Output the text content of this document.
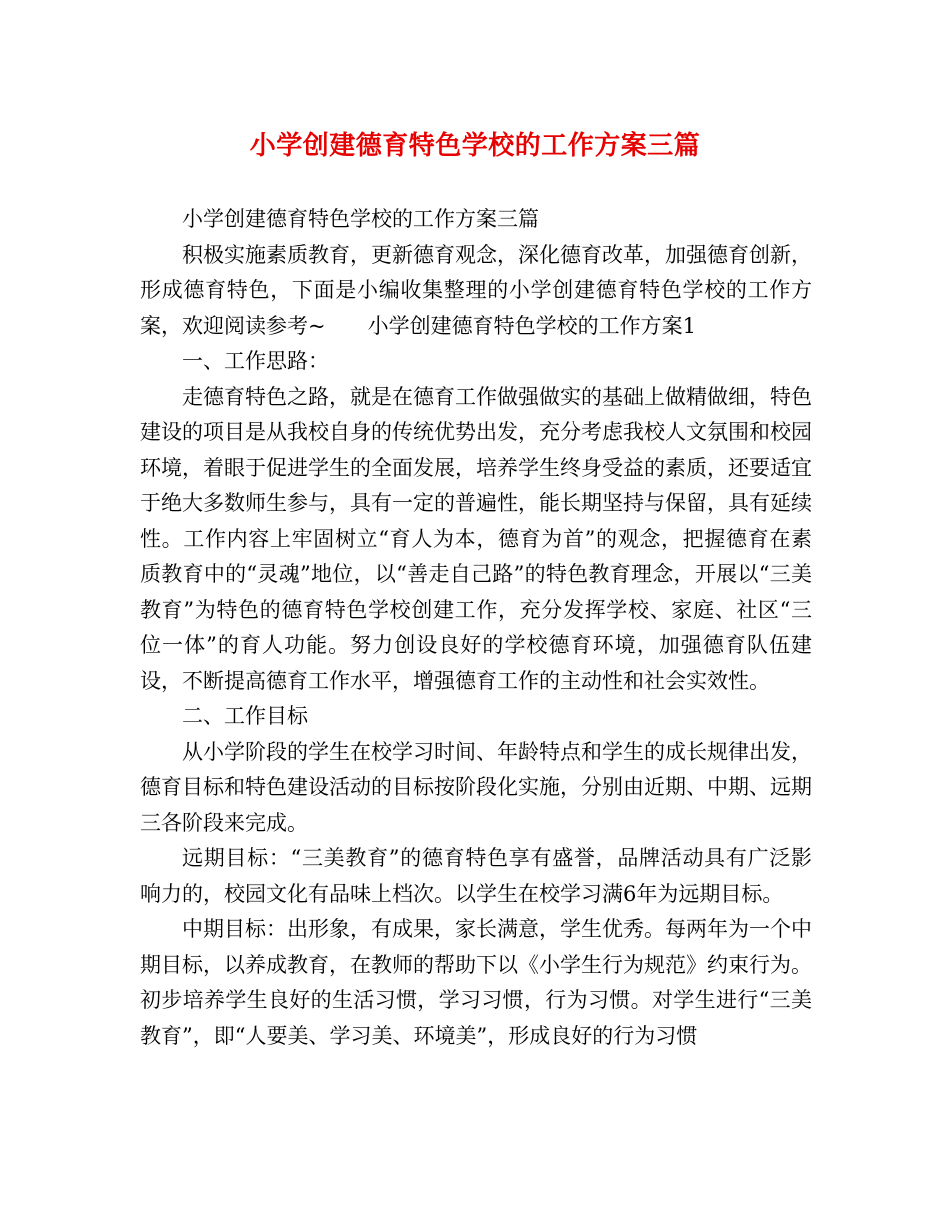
小学创建德育特色学校的工作方案三篇

小学创建德育特色学校的工作方案三篇

积极实施素质教育，更新德育观念，深化德育改革，加强德育创新，形成德育特色，下面是小编收集整理的小学创建德育特色学校的工作方案，欢迎阅读参考~　　小学创建德育特色学校的工作方案1

一、工作思路：

走德育特色之路，就是在德育工作做强做实的基础上做精做细，特色建设的项目是从我校自身的传统优势出发，充分考虑我校人文氛围和校园环境，着眼于促进学生的全面发展，培养学生终身受益的素质，还要适宜于绝大多数师生参与，具有一定的普遍性，能长期坚持与保留，具有延续性。工作内容上牢固树立“育人为本，德育为首”的观念，把握德育在素质教育中的“灵魂”地位，以“善走自己路”的特色教育理念，开展以“三美教育”为特色的德育特色学校创建工作，充分发挥学校、家庭、社区“三位一体”的育人功能。努力创设良好的学校德育环境，加强德育队伍建设，不断提高德育工作水平，增强德育工作的主动性和社会实效性。

二、工作目标

从小学阶段的学生在校学习时间、年龄特点和学生的成长规律出发，德育目标和特色建设活动的目标按阶段化实施，分别由近期、中期、远期三各阶段来完成。

远期目标：“三美教育”的德育特色享有盛誉，品牌活动具有广泛影响力的，校园文化有品味上档次。以学生在校学习满6年为远期目标。

中期目标：出形象，有成果，家长满意，学生优秀。每两年为一个中期目标，以养成教育，在教师的帮助下以《小学生行为规范》约束行为。初步培养学生良好的生活习惯，学习习惯，行为习惯。对学生进行“三美教育”，即“人要美、学习美、环境美”，形成良好的行为习惯
